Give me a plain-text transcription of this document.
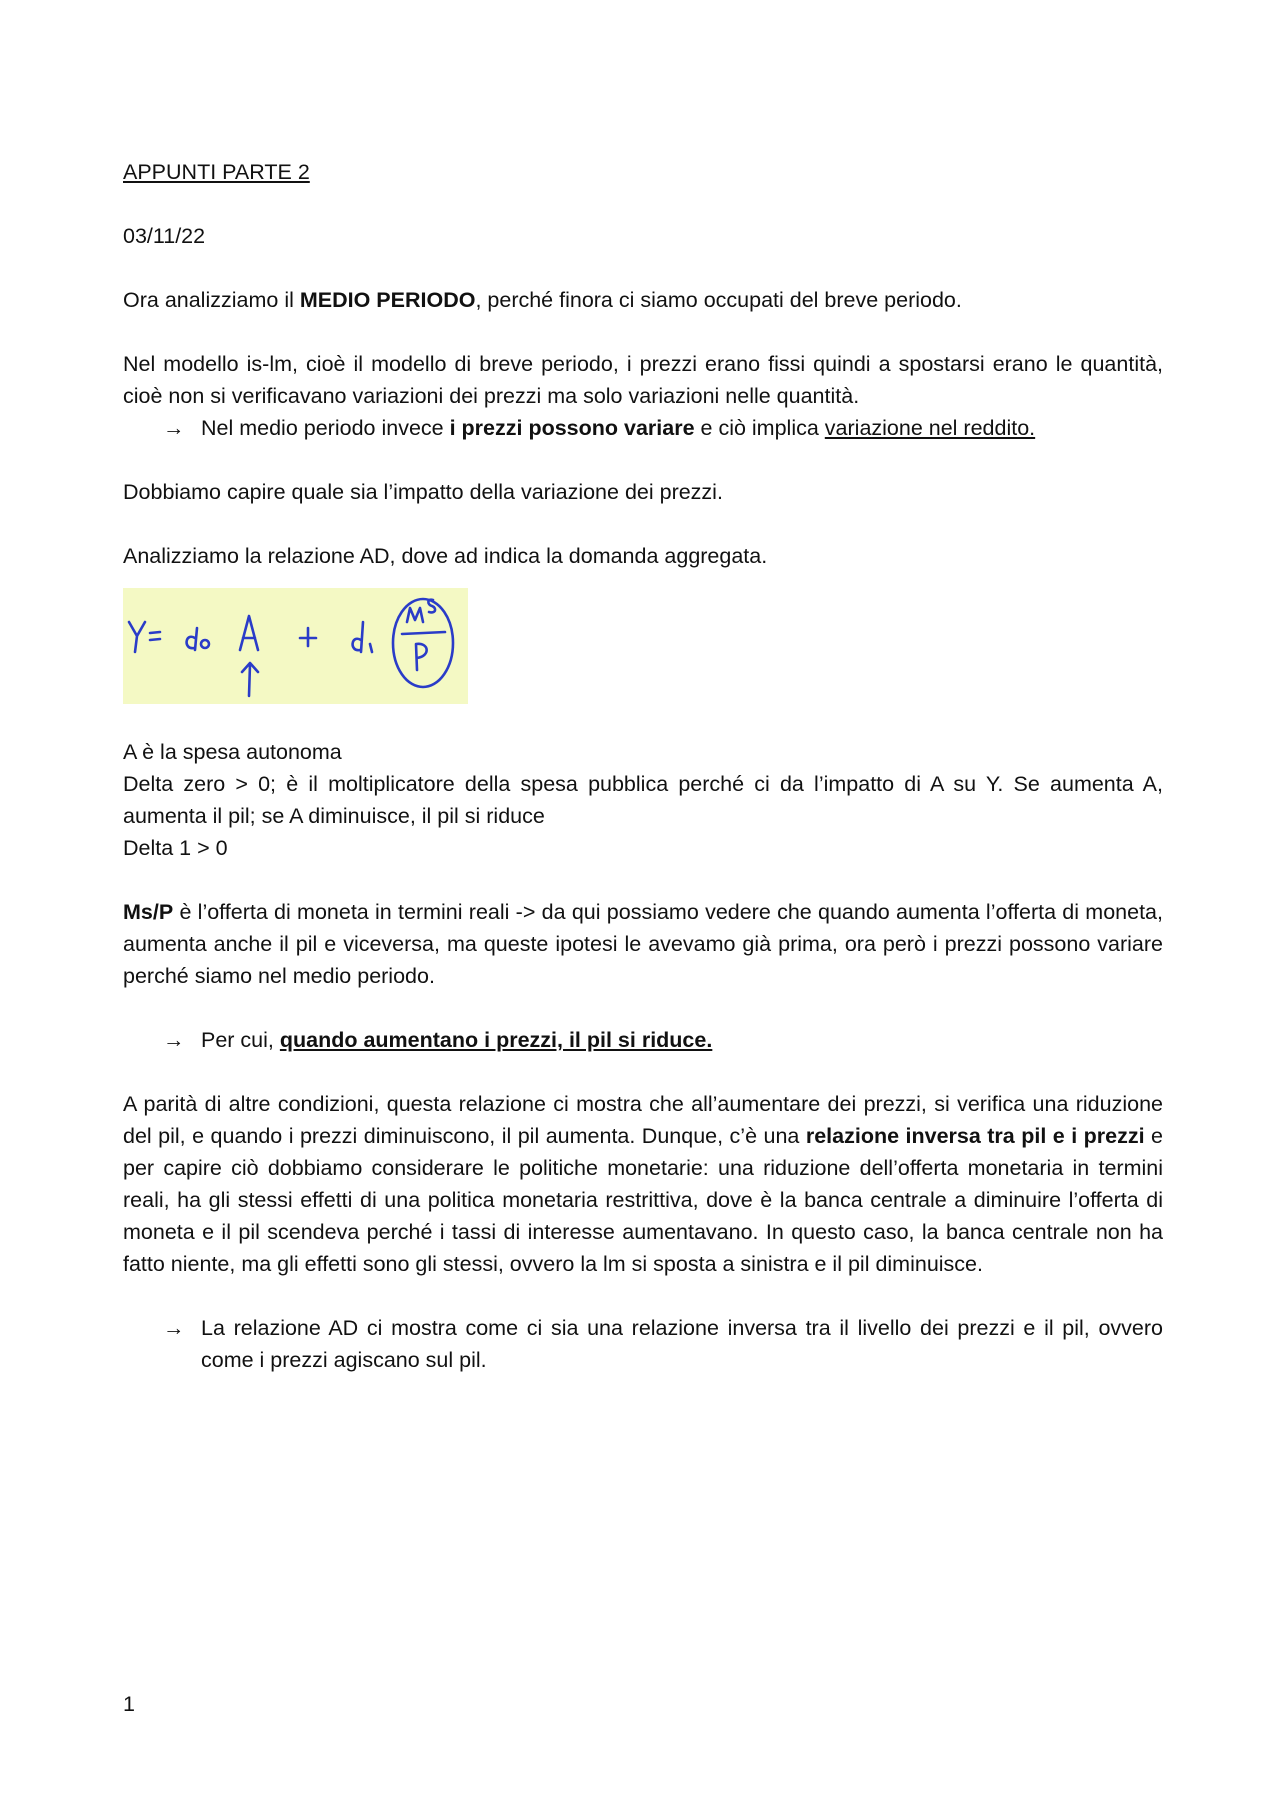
APPUNTI PARTE 2

03/11/22

Ora analizziamo il MEDIO PERIODO, perché finora ci siamo occupati del breve periodo.

Nel modello is-lm, cioè il modello di breve periodo, i prezzi erano fissi quindi a spostarsi erano le quantità, cioè non si verificavano variazioni dei prezzi ma solo variazioni nelle quantità.

→ Nel medio periodo invece i prezzi possono variare e ciò implica variazione nel reddito.

Dobbiamo capire quale sia l’impatto della variazione dei prezzi.

Analizziamo la relazione AD, dove ad indica la domanda aggregata.

A è la spesa autonoma

Delta zero > 0; è il moltiplicatore della spesa pubblica perché ci da l’impatto di A su Y. Se aumenta A, aumenta il pil; se A diminuisce, il pil si riduce

Delta 1 > 0

Ms/P è l’offerta di moneta in termini reali -> da qui possiamo vedere che quando aumenta l’offerta di moneta, aumenta anche il pil e viceversa, ma queste ipotesi le avevamo già prima, ora però i prezzi possono variare perché siamo nel medio periodo.

→ Per cui, quando aumentano i prezzi, il pil si riduce.

A parità di altre condizioni, questa relazione ci mostra che all’aumentare dei prezzi, si verifica una riduzione del pil, e quando i prezzi diminuiscono, il pil aumenta. Dunque, c’è una relazione inversa tra pil e i prezzi e per capire ciò dobbiamo considerare le politiche monetarie: una riduzione dell’offerta monetaria in termini reali, ha gli stessi effetti di una politica monetaria restrittiva, dove è la banca centrale a diminuire l’offerta di moneta e il pil scendeva perché i tassi di interesse aumentavano. In questo caso, la banca centrale non ha fatto niente, ma gli effetti sono gli stessi, ovvero la lm si sposta a sinistra e il pil diminuisce.

→ La relazione AD ci mostra come ci sia una relazione inversa tra il livello dei prezzi e il pil, ovvero come i prezzi agiscano sul pil.
1
